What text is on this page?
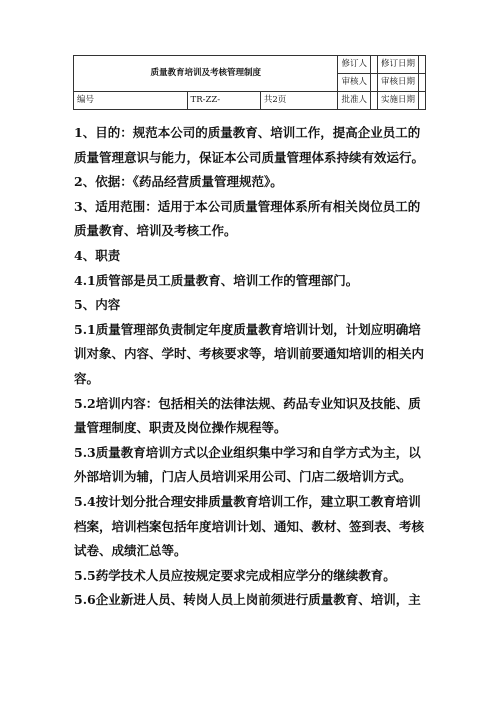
质量教育培训及考核管理制度			修订人		修订日期	
			审核人		审核日期	
编号	TR-ZZ-	共2页	批准人		实施日期	

1、目的：规范本公司的质量教育、培训工作，提高企业员工的质量管理意识与能力，保证本公司质量管理体系持续有效运行。

2、依据：《药品经营质量管理规范》。

3、适用范围：适用于本公司质量管理体系所有相关岗位员工的质量教育、培训及考核工作。

4、职责

4.1质管部是员工质量教育、培训工作的管理部门。

5、内容

5.1质量管理部负责制定年度质量教育培训计划，计划应明确培训对象、内容、学时、考核要求等，培训前要通知培训的相关内容。

5.2培训内容：包括相关的法律法规、药品专业知识及技能、质量管理制度、职责及岗位操作规程等。

5.3质量教育培训方式以企业组织集中学习和自学方式为主，以外部培训为辅，门店人员培训采用公司、门店二级培训方式。

5.4按计划分批合理安排质量教育培训工作，建立职工教育培训档案，培训档案包括年度培训计划、通知、教材、签到表、考核试卷、成绩汇总等。

5.5药学技术人员应按规定要求完成相应学分的继续教育。

5.6企业新进人员、转岗人员上岗前须进行质量教育、培训，主
